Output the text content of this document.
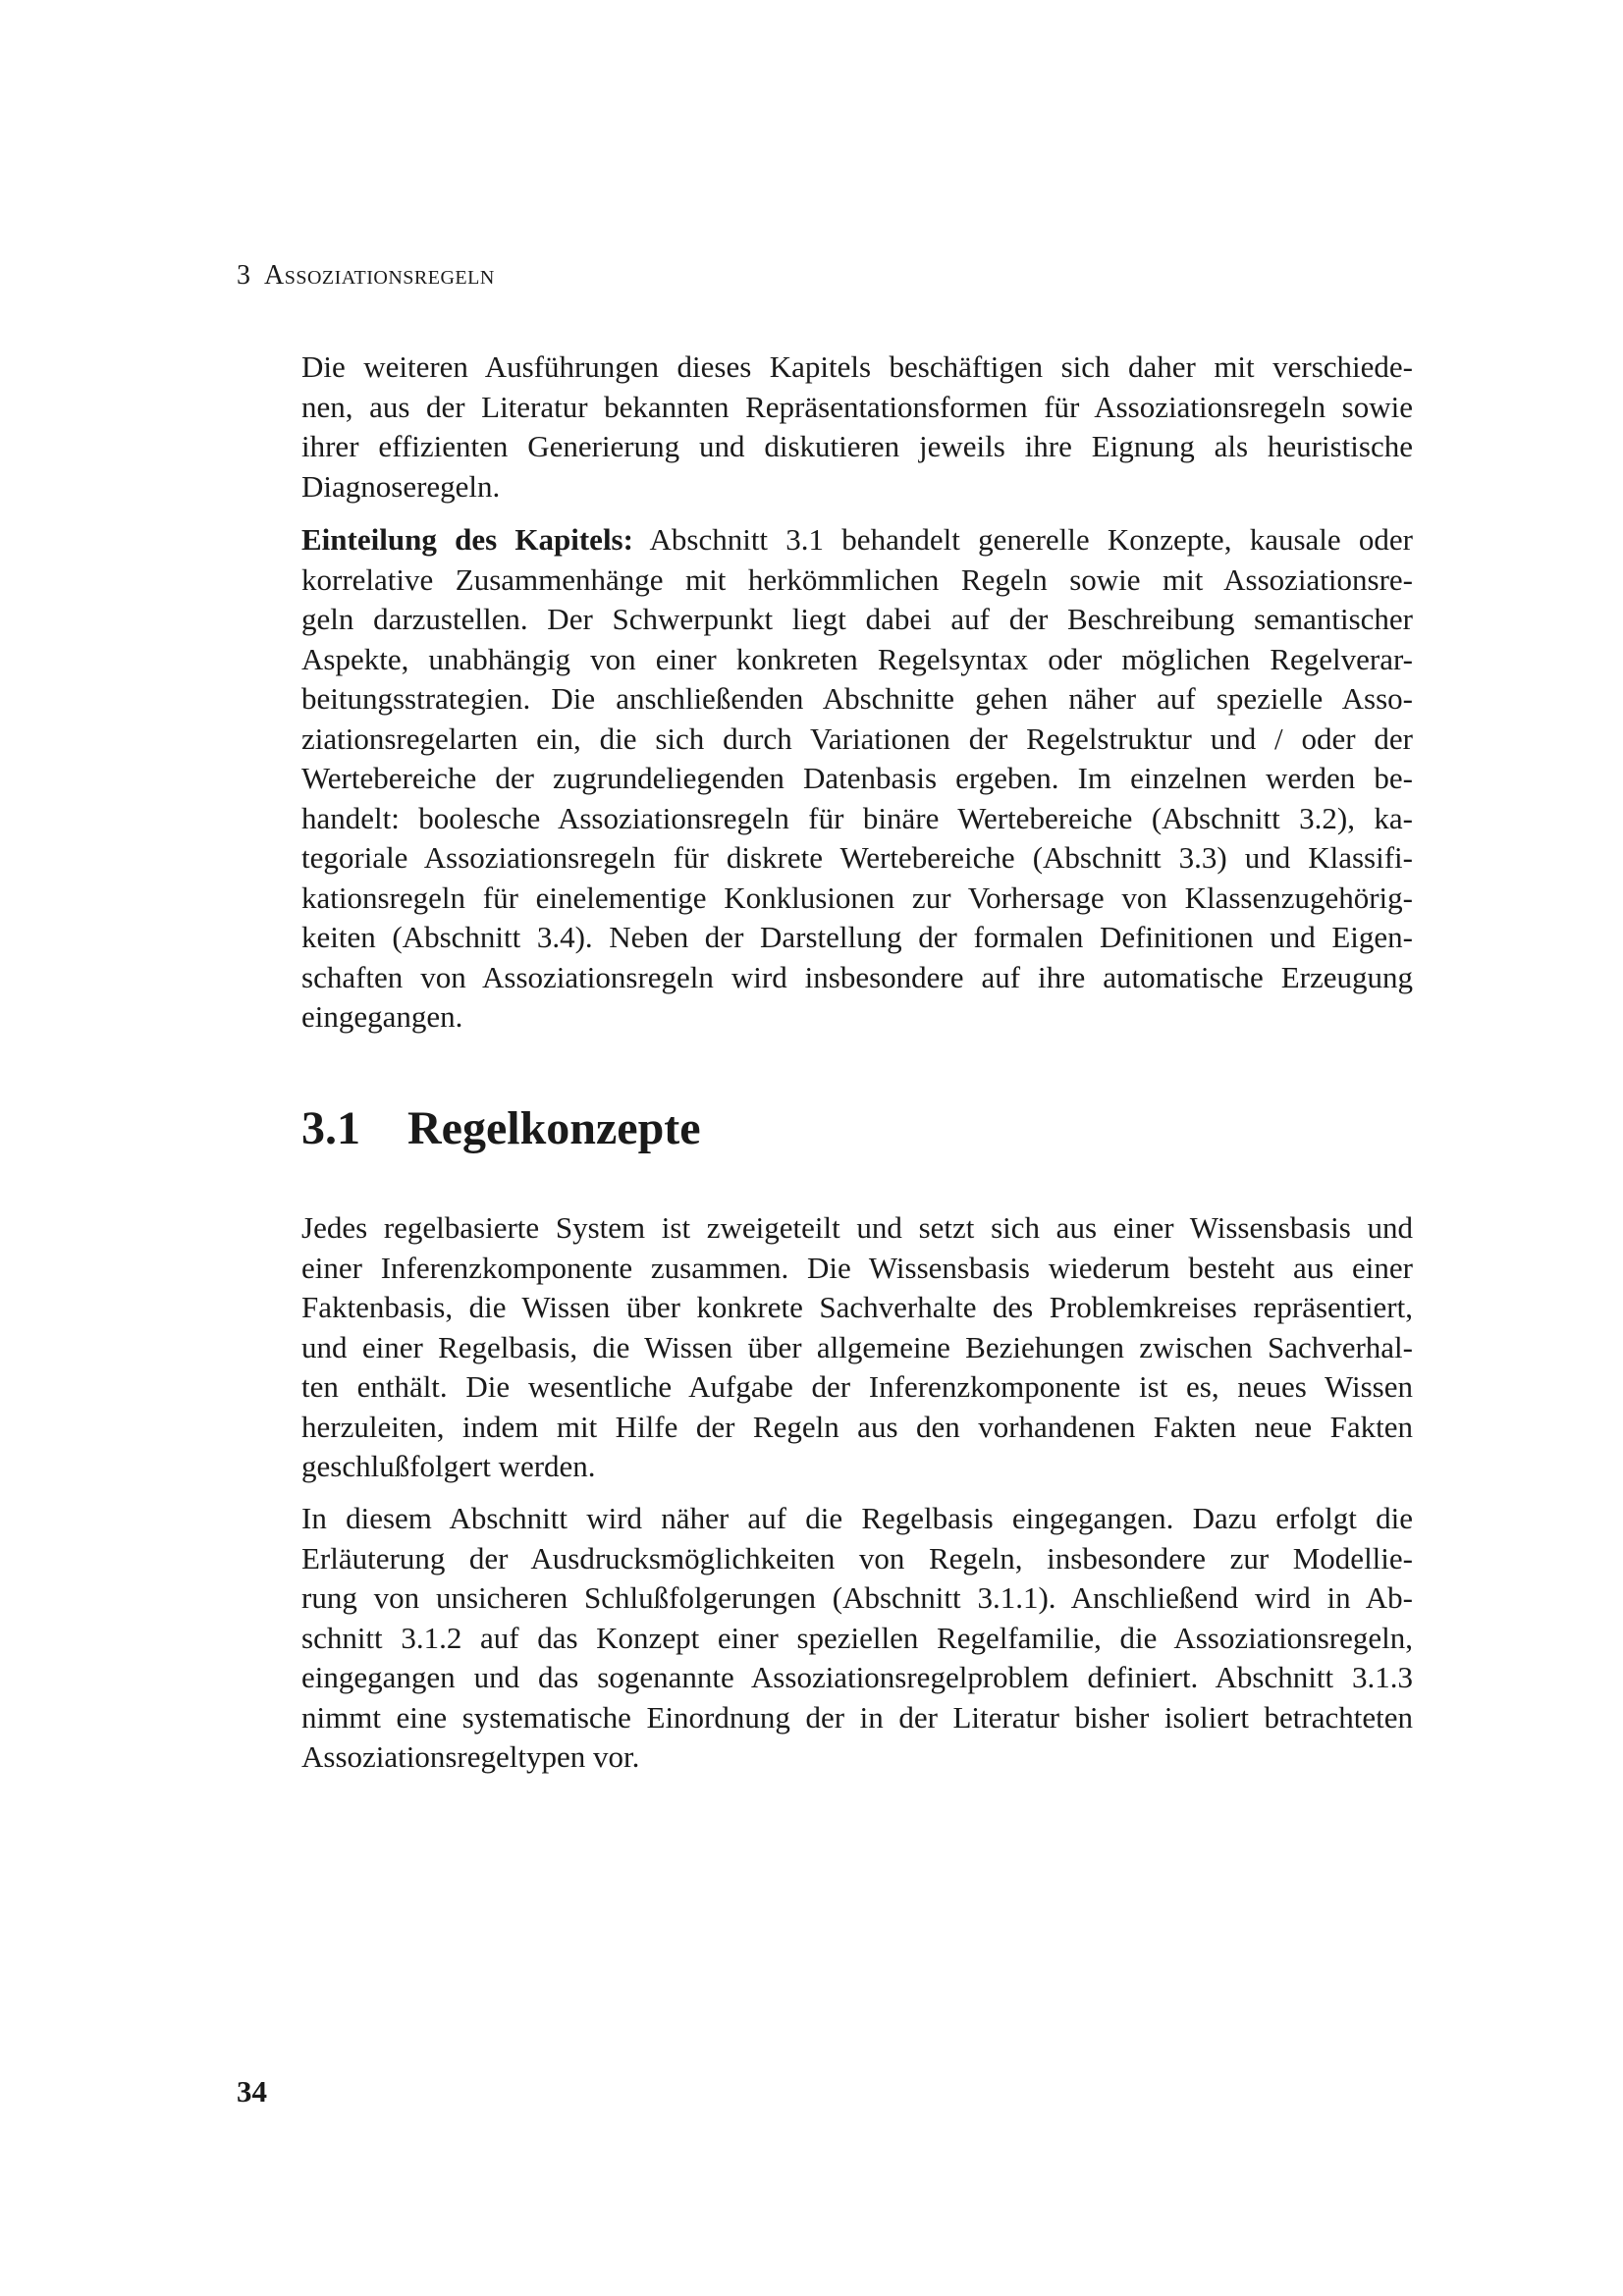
3 Assoziationsregeln

Die weiteren Ausführungen dieses Kapitels beschäftigen sich daher mit verschiede-
nen, aus der Literatur bekannten Repräsentationsformen für Assoziationsregeln sowie
ihrer effizienten Generierung und diskutieren jeweils ihre Eignung als heuristische
Diagnoseregeln.

Einteilung des Kapitels: Abschnitt 3.1 behandelt generelle Konzepte, kausale oder
korrelative Zusammenhänge mit herkömmlichen Regeln sowie mit Assoziationsre-
geln darzustellen. Der Schwerpunkt liegt dabei auf der Beschreibung semantischer
Aspekte, unabhängig von einer konkreten Regelsyntax oder möglichen Regelverar-
beitungsstrategien. Die anschließenden Abschnitte gehen näher auf spezielle Asso-
ziationsregelarten ein, die sich durch Variationen der Regelstruktur und / oder der
Wertebereiche der zugrundeliegenden Datenbasis ergeben. Im einzelnen werden be-
handelt: boolesche Assoziationsregeln für binäre Wertebereiche (Abschnitt 3.2), ka-
tegoriale Assoziationsregeln für diskrete Wertebereiche (Abschnitt 3.3) und Klassifi-
kationsregeln für einelementige Konklusionen zur Vorhersage von Klassenzugehörig-
keiten (Abschnitt 3.4). Neben der Darstellung der formalen Definitionen und Eigen-
schaften von Assoziationsregeln wird insbesondere auf ihre automatische Erzeugung
eingegangen.

3.1 Regelkonzepte

Jedes regelbasierte System ist zweigeteilt und setzt sich aus einer Wissensbasis und
einer Inferenzkomponente zusammen. Die Wissensbasis wiederum besteht aus einer
Faktenbasis, die Wissen über konkrete Sachverhalte des Problemkreises repräsentiert,
und einer Regelbasis, die Wissen über allgemeine Beziehungen zwischen Sachverhal-
ten enthält. Die wesentliche Aufgabe der Inferenzkomponente ist es, neues Wissen
herzuleiten, indem mit Hilfe der Regeln aus den vorhandenen Fakten neue Fakten
geschlußfolgert werden.

In diesem Abschnitt wird näher auf die Regelbasis eingegangen. Dazu erfolgt die
Erläuterung der Ausdrucksmöglichkeiten von Regeln, insbesondere zur Modellie-
rung von unsicheren Schlußfolgerungen (Abschnitt 3.1.1). Anschließend wird in Ab-
schnitt 3.1.2 auf das Konzept einer speziellen Regelfamilie, die Assoziationsregeln,
eingegangen und das sogenannte Assoziationsregelproblem definiert. Abschnitt 3.1.3
nimmt eine systematische Einordnung der in der Literatur bisher isoliert betrachteten
Assoziationsregeltypen vor.

34
